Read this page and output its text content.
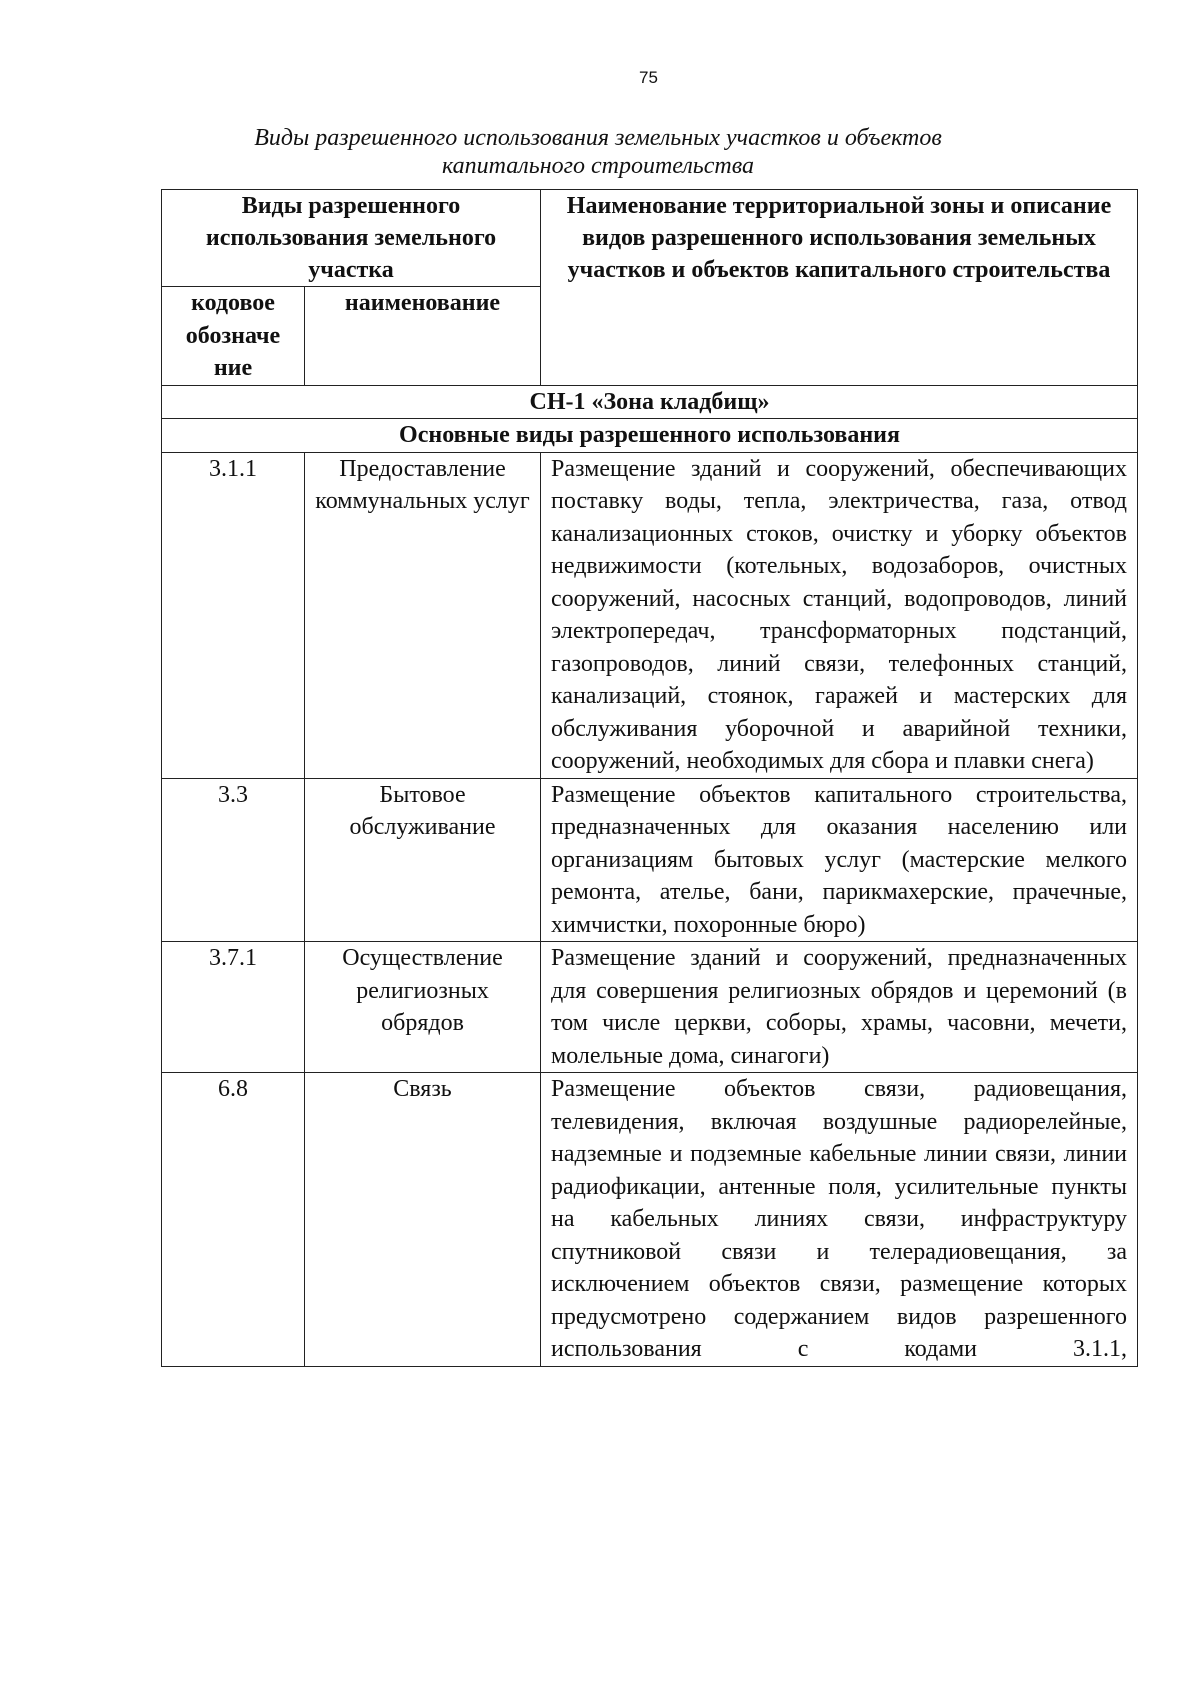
75
Виды разрешенного использования земельных участков и объектов капитального строительства
Виды разрешенного использования земельного участка		Наименование территориальной зоны и описание видов разрешенного использования земельных участков и объектов капитального строительства
кодовое обозначе ние	наименование	
СН-1 «Зона кладбищ»		
Основные виды разрешенного использования		
3.1.1	Предоставление коммунальных услуг	Размещение зданий и сооружений, обеспечивающих поставку воды, тепла, электричества, газа, отвод канализационных стоков, очистку и уборку объектов недвижимости (котельных, водозаборов, очистных сооружений, насосных станций, водопроводов, линий электропередач, трансформаторных подстанций, газопроводов, линий связи, телефонных станций, канализаций, стоянок, гаражей и мастерских для обслуживания уборочной и аварийной техники, сооружений, необходимых для сбора и плавки снега)
3.3	Бытовое обслуживание	Размещение объектов капитального строительства, предназначенных для оказания населению или организациям бытовых услуг (мастерские мелкого ремонта, ателье, бани, парикмахерские, прачечные, химчистки, похоронные бюро)
3.7.1	Осуществление религиозных обрядов	Размещение зданий и сооружений, предназначенных для совершения религиозных обрядов и церемоний (в том числе церкви, соборы, храмы, часовни, мечети, молельные дома, синагоги)
6.8	Связь	Размещение объектов связи, радиовещания, телевидения, включая воздушные радиорелейные, надземные и подземные кабельные линии связи, линии радиофикации, антенные поля, усилительные пункты на кабельных линиях связи, инфраструктуру спутниковой связи и телерадиовещания, за исключением объектов связи, размещение которых предусмотрено содержанием видов разрешенного использования с кодами 3.1.1,
